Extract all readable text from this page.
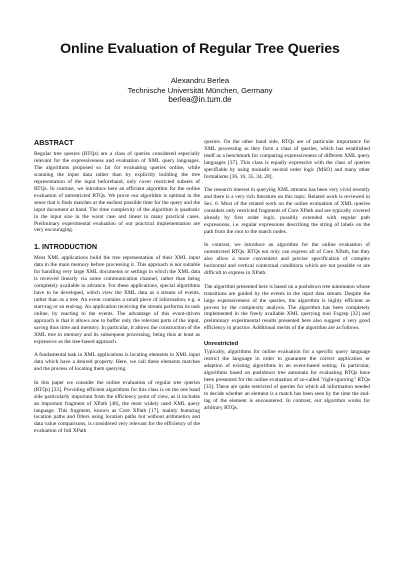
Online Evaluation of Regular Tree Queries
Alexandru Berlea
Technische Universität München, Germany
berlea@in.tum.de
ABSTRACT

Regular tree queries (RTQs) are a class of queries considered especially relevant for the expressiveness and evaluation of XML query languages. The algorithms proposed so far for evaluating queries online, while scanning the input data rather than by explicitly building the tree representation of the input beforehand, only cover restricted subsets of RTQs. In contrast, we introduce here an efficient algorithm for the online evaluation of unrestricted RTQs. We prove our algorithm is optimal in the sense that it finds matches at the earliest possible time for the query and the input document at hand. The time complexity of the algorithm is quadratic in the input size in the worst case and linear in many practical cases. Preliminary experimental evaluation of our practical implementation are very encouraging.

1. INTRODUCTION

Most XML applications build the tree representation of their XML input data in the main memory before processing it. This approach is not suitable for handling very large XML documents or settings in which the XML data is received linearly via some communication channel, rather than being completely available in advance. For these applications, special algorithms have to be developed, which view the XML data as a stream of events, rather than as a tree. An event contains a small piece of information, e.g. a start-tag or an end-tag. An application receiving the stream performs its task online, by reacting to the events. The advantage of this event-driven approach is that it allows one to buffer only the relevant parts of the input, saving thus time and memory. In particular, it allows the construction of the XML tree in memory and its subsequent processing, being thus at least as expressive as the tree-based approach.

A fundamental task in XML applications is locating elements in XML input data which have a desired property. Here, we call these elements matches and the process of locating them querying.

In this paper we consider the online evaluation of regular tree queries (RTQs) [33]. Providing efficient algorithms for this class is on the one hand side particularly important from the efficiency point of view, as it includes an important fragment of XPath [48], the most widely used XML query language. This fragment, known as Core XPath [17], mainly featuring location paths and filters using location paths but without arithmetics and data value comparisons, is considered very relevant for the efficiency of the evaluation of full XPath

queries. On the other hand side, RTQs are of particular importance for XML processing as they form a class of queries, which has established itself as a benchmark for comparing expressiveness of different XML query languages [37]. This class is equally expressive with the class of queries specifiable by using monadic second order logic (MSO) and many other formalisms [36, 16, 35, 34, 28].

The research interest in querying XML streams has been very vivid recently and there is a very rich literature on this topic. Related work is reviewed in Sec. 6. Most of the related work on the online evaluation of XML queries considers only restricted fragments of Core XPath and are typically covered already by first order logic, possibly extended with regular path expressions, i.e. regular expressions describing the string of labels on the path from the root to the match nodes.

In contrast, we introduce an algorithm for the online evaluation of unrestricted RTQs. RTQs not only can express all of Core XPath, but they also allow a more convenient and precise specification of complex horizontal and vertical contextual conditions which are not possible or are difficult to express in XPath.

The algorithm presented here is based on a pushdown tree automaton whose transitions are guided by the events in the input data stream. Despite the large expressiveness of the queries, the algorithm is highly efficient as proven by the complexity analysis. The algorithm has been completely implemented in the freely available XML querying tool Fxgrep [32] and preliminary experimental results presented here also suggest a very good efficiency in practice. Additional merits of the algorithm are as follows.

Unrestricted

Typically, algorithms for online evaluation for a specific query language restrict the language in order to guarantee the correct application or adaption of existing algorithms in an event-based setting. In particular, algorithms based on pushdown tree automata for evaluating RTQs have been presented for the online evaluation of so-called "right-ignoring" RTQs [33]. These are quite restricted of queries for which all information needed to decide whether an element is a match has been seen by the time the end-tag of the element is encountered. In contrast, our algorithm works for arbitrary RTQs.
